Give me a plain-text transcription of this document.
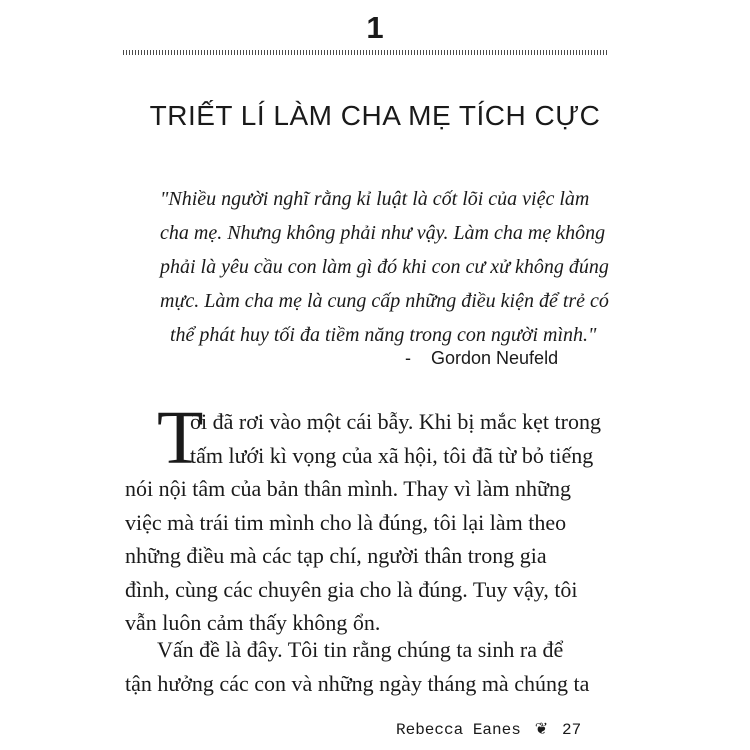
1
TRIẾT LÍ LÀM CHA MẸ TÍCH CỰC
"Nhiều người nghĩ rằng kỉ luật là cốt lõi của việc làm
cha mẹ. Nhưng không phải như vậy. Làm cha mẹ không
phải là yêu cầu con làm gì đó khi con cư xử không đúng
mực. Làm cha mẹ là cung cấp những điều kiện để trẻ có
thể phát huy tối đa tiềm năng trong con người mình."
- Gordon Neufeld
T
ôi đã rơi vào một cái bẫy. Khi bị mắc kẹt trong
tấm lưới kì vọng của xã hội, tôi đã từ bỏ tiếng
nói nội tâm của bản thân mình. Thay vì làm những
việc mà trái tim mình cho là đúng, tôi lại làm theo
những điều mà các tạp chí, người thân trong gia
đình, cùng các chuyên gia cho là đúng. Tuy vậy, tôi
vẫn luôn cảm thấy không ổn.
Vấn đề là đây. Tôi tin rằng chúng ta sinh ra để
tận hưởng các con và những ngày tháng mà chúng ta
Rebecca Eanes ❦ 27
